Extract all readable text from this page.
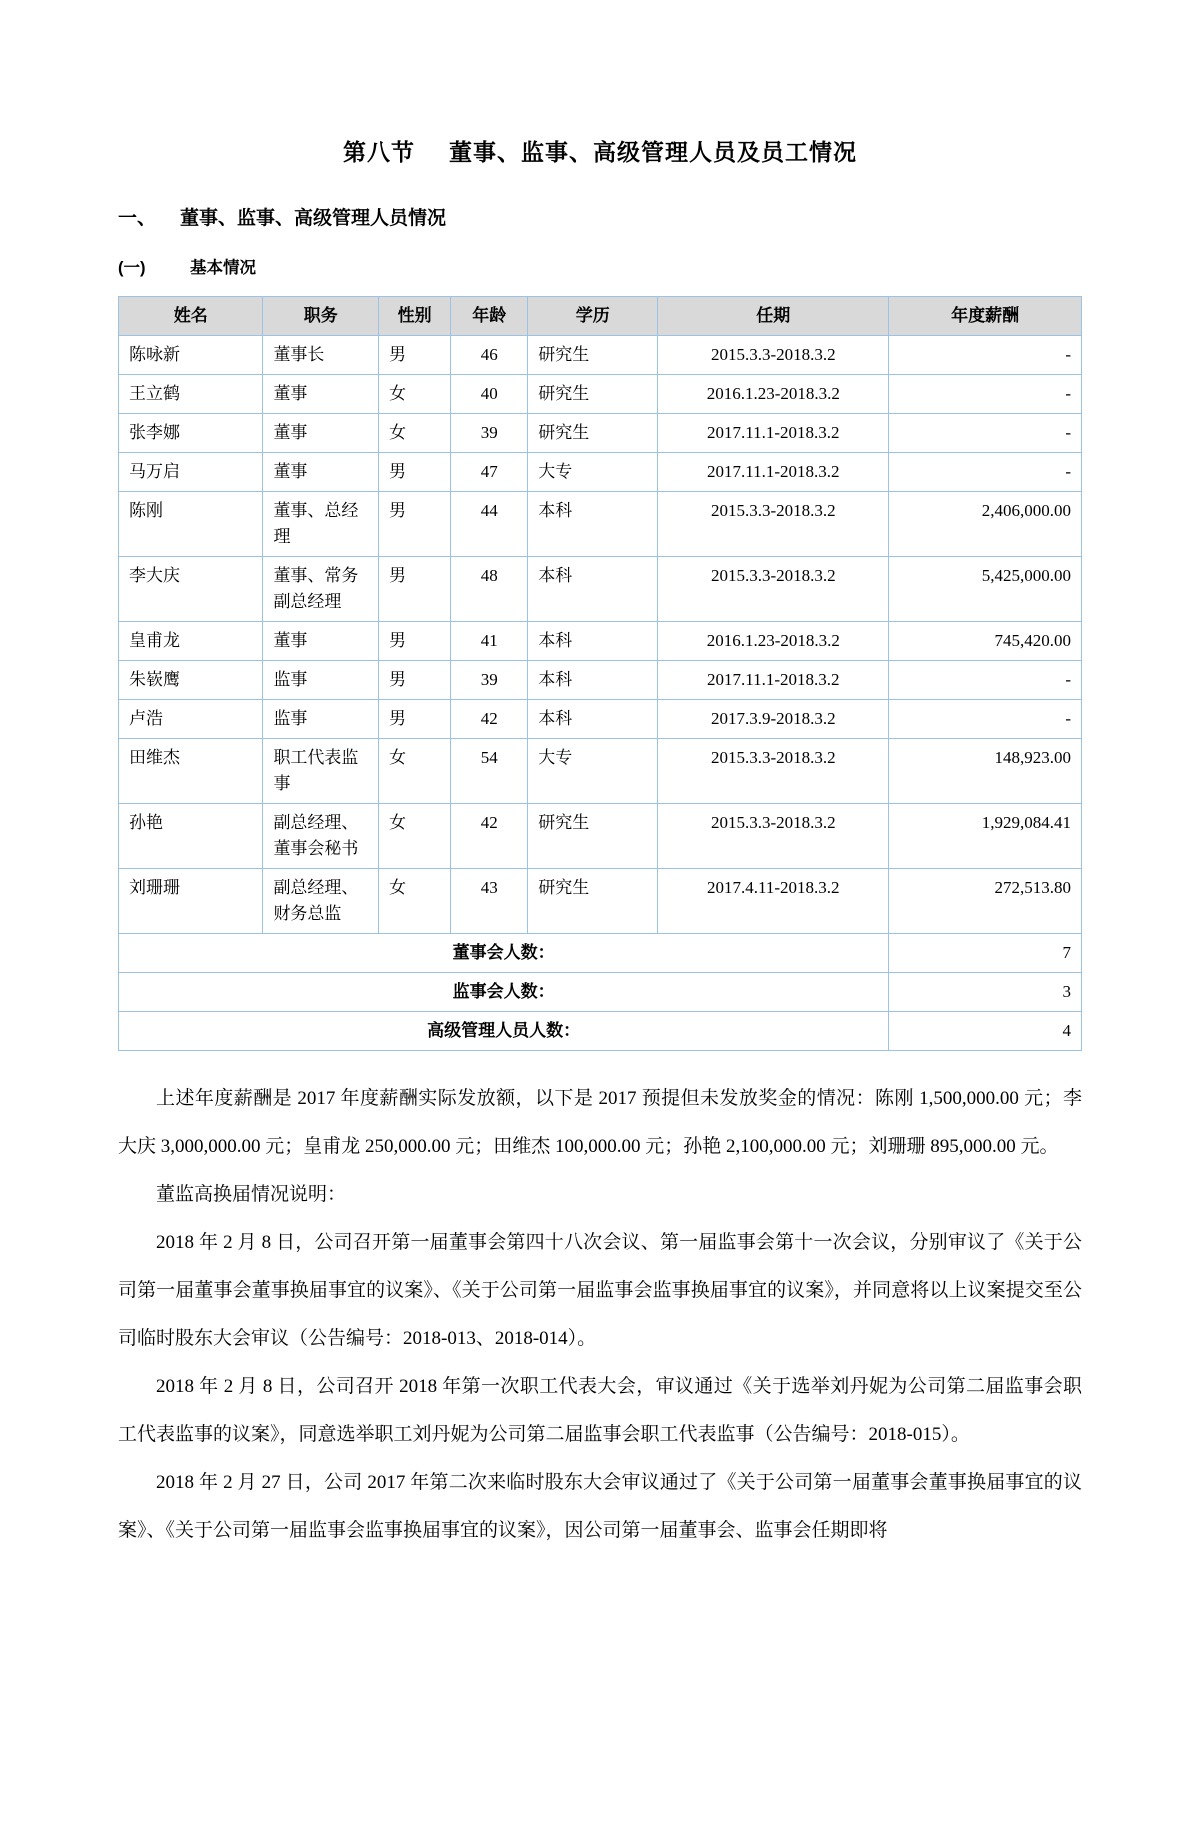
第八节 董事、监事、高级管理人员及员工情况
一、 董事、监事、高级管理人员情况
(一)	基本情况
姓名	职务	性别	年龄	学历	任期	年度薪酬
陈咏新	董事长	男	46	研究生	2015.3.3-2018.3.2	-
王立鹤	董事	女	40	研究生	2016.1.23-2018.3.2	-
张李娜	董事	女	39	研究生	2017.11.1-2018.3.2	-
马万启	董事	男	47	大专	2017.11.1-2018.3.2	-
陈刚	董事、总经理	男	44	本科	2015.3.3-2018.3.2	2,406,000.00
李大庆	董事、常务副总经理	男	48	本科	2015.3.3-2018.3.2	5,425,000.00
皇甫龙	董事	男	41	本科	2016.1.23-2018.3.2	745,420.00
朱嵚鹰	监事	男	39	本科	2017.11.1-2018.3.2	-
卢浩	监事	男	42	本科	2017.3.9-2018.3.2	-
田维杰	职工代表监事	女	54	大专	2015.3.3-2018.3.2	148,923.00
孙艳	副总经理、董事会秘书	女	42	研究生	2015.3.3-2018.3.2	1,929,084.41
刘珊珊	副总经理、财务总监	女	43	研究生	2017.4.11-2018.3.2	272,513.80
董事会人数：						7
监事会人数：						3
高级管理人员人数：						4

上述年度薪酬是 2017 年度薪酬实际发放额，以下是 2017 预提但未发放奖金的情况：陈刚 1,500,000.00 元；李大庆 3,000,000.00 元；皇甫龙 250,000.00 元；田维杰 100,000.00 元；孙艳 2,100,000.00 元；刘珊珊 895,000.00 元。

董监高换届情况说明：

2018 年 2 月 8 日，公司召开第一届董事会第四十八次会议、第一届监事会第十一次会议，分别审议了《关于公司第一届董事会董事换届事宜的议案》、《关于公司第一届监事会监事换届事宜的议案》，并同意将以上议案提交至公司临时股东大会审议（公告编号：2018-013、2018-014）。

2018 年 2 月 8 日，公司召开 2018 年第一次职工代表大会，审议通过《关于选举刘丹妮为公司第二届监事会职工代表监事的议案》，同意选举职工刘丹妮为公司第二届监事会职工代表监事（公告编号：2018-015）。

2018 年 2 月 27 日，公司 2017 年第二次来临时股东大会审议通过了《关于公司第一届董事会董事换届事宜的议案》、《关于公司第一届监事会监事换届事宜的议案》，因公司第一届董事会、监事会任期即将
